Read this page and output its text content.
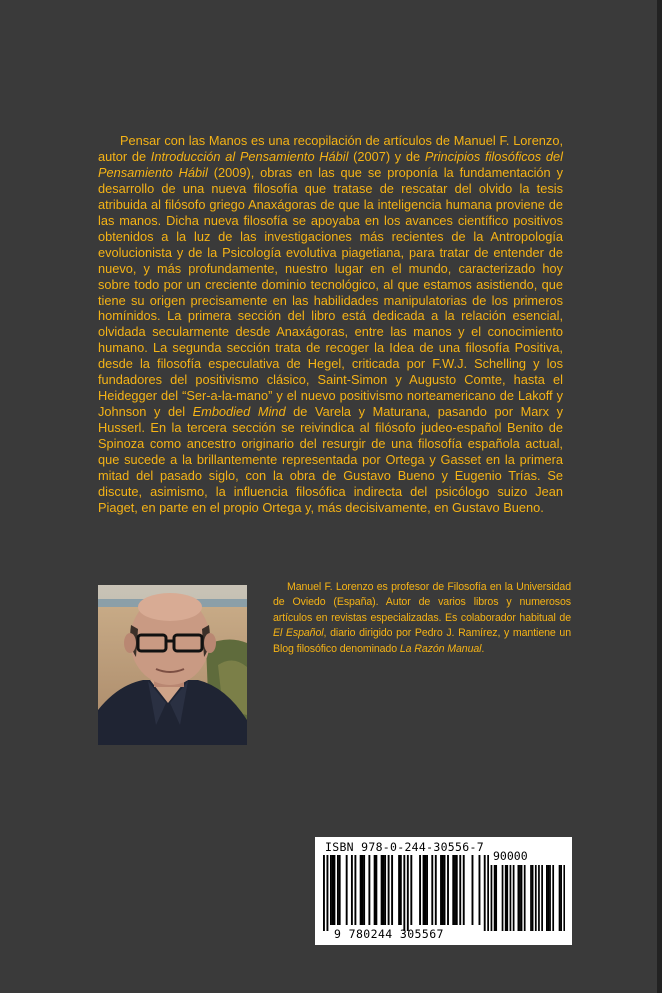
Pensar con las Manos es una recopilación de artículos de Manuel F. Lorenzo, autor de Introducción al Pensamiento Hábil (2007) y de Principios filosóficos del Pensamiento Hábil (2009), obras en las que se proponía la fundamentación y desarrollo de una nueva filosofía que tratase de rescatar del olvido la tesis atribuida al filósofo griego Anaxágoras de que la inteligencia humana proviene de las manos. Dicha nueva filosofía se apoyaba en los avances científico positivos obtenidos a la luz de las investigaciones más recientes de la Antropología evolucionista y de la Psicología evolutiva piagetiana, para tratar de entender de nuevo, y más profundamente, nuestro lugar en el mundo, caracterizado hoy sobre todo por un creciente dominio tecnológico, al que estamos asistiendo, que tiene su origen precisamente en las habilidades manipulatorias de los primeros homínidos. La primera sección del libro está dedicada a la relación esencial, olvidada secularmente desde Anaxágoras, entre las manos y el conocimiento humano. La segunda sección trata de recoger la Idea de una filosofía Positiva, desde la filosofía especulativa de Hegel, criticada por F.W.J. Schelling y los fundadores del positivismo clásico, Saint-Simon y Augusto Comte, hasta el Heidegger del “Ser-a-la-mano” y el nuevo positivismo norteamericano de Lakoff y Johnson y del Embodied Mind de Varela y Maturana, pasando por Marx y Husserl. En la tercera sección se reivindica al filósofo judeo-español Benito de Spinoza como ancestro originario del resurgir de una filosofía española actual, que sucede a la brillantemente representada por Ortega y Gasset en la primera mitad del pasado siglo, con la obra de Gustavo Bueno y Eugenio Trías. Se discute, asimismo, la influencia filosófica indirecta del psicólogo suizo Jean Piaget, en parte en el propio Ortega y, más decisivamente, en Gustavo Bueno.

Manuel F. Lorenzo es profesor de Filosofía en la Universidad de Oviedo (España). Autor de varios libros y numerosos artículos en revistas especializadas. Es colaborador habitual de El Español, diario dirigido por Pedro J. Ramírez, y mantiene un Blog filosófico denominado La Razón Manual.

ISBN 978-0-244-30556-7
90000
9 780244 305567
